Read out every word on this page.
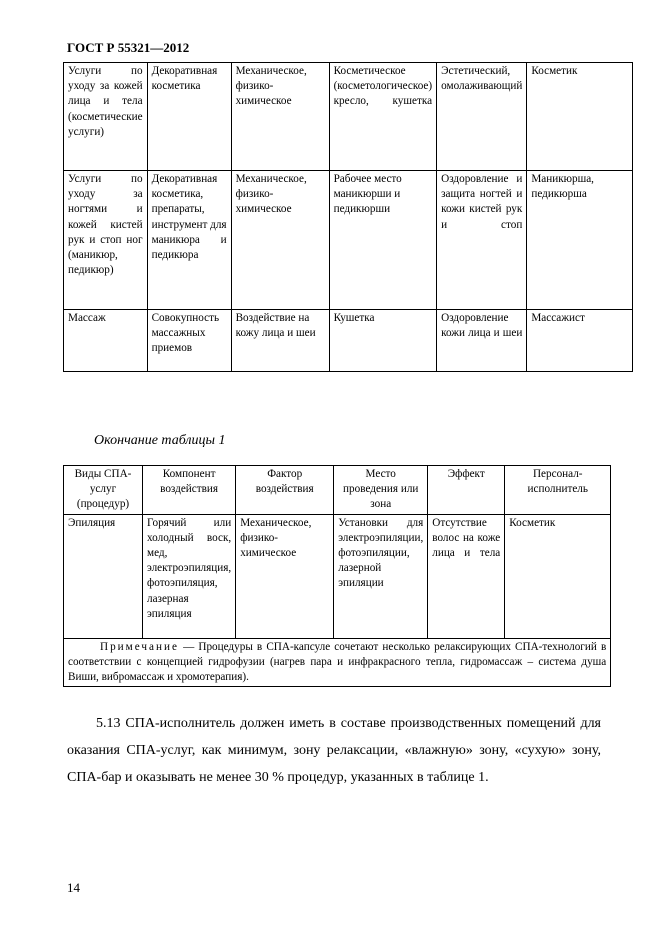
ГОСТ Р 55321—2012
Услуги по уходу за кожей лица и тела (косметические услуги)	Декоративная косметика	Механическое, физико-химическое	Косметическое (косметологическое) кресло, кушетка	Эстетический, омолаживающий	Косметик
Услуги по уходу за ногтями и кожей кистей рук и стоп ног (маникюр, педикюр)	Декоративная косметика, препараты, инструмент для маникюра и педикюра	Механическое, физико-химическое	Рабочее место маникюрши и педикюрши	Оздоровление и защита ногтей и кожи кистей рук и стоп	Маникюрша, педикюрша
Массаж	Совокупность массажных приемов	Воздействие на кожу лица и шеи	Кушетка	Оздоровление кожи лица и шеи	Массажист
Окончание таблицы 1
Виды СПА-услуг (процедур)	Компонент воздействия	Фактор воздействия	Место проведения или зона	Эффект	Персонал-исполнитель
Эпиляция	Горячий или холодный воск, мед, электроэпиляция, фотоэпиляция, лазерная эпиляция	Механическое, физико-химическое	Установки для электроэпиляции, фотоэпиляции, лазерной эпиляции	Отсутствие волос на коже лица и тела	Косметик
Примечание — Процедуры в СПА-капсуле сочетают несколько релаксирующих СПА-технологий в соответствии с концепцией гидрофузии (нагрев пара и инфракрасного тепла, гидромассаж – система душа Виши, вибромассаж и хромотерапия).					
5.13 СПА-исполнитель должен иметь в составе производственных помещений для оказания СПА-услуг, как минимум, зону релаксации, «влажную» зону, «сухую» зону, СПА-бар и оказывать не менее 30 % процедур, указанных в таблице 1.
14
